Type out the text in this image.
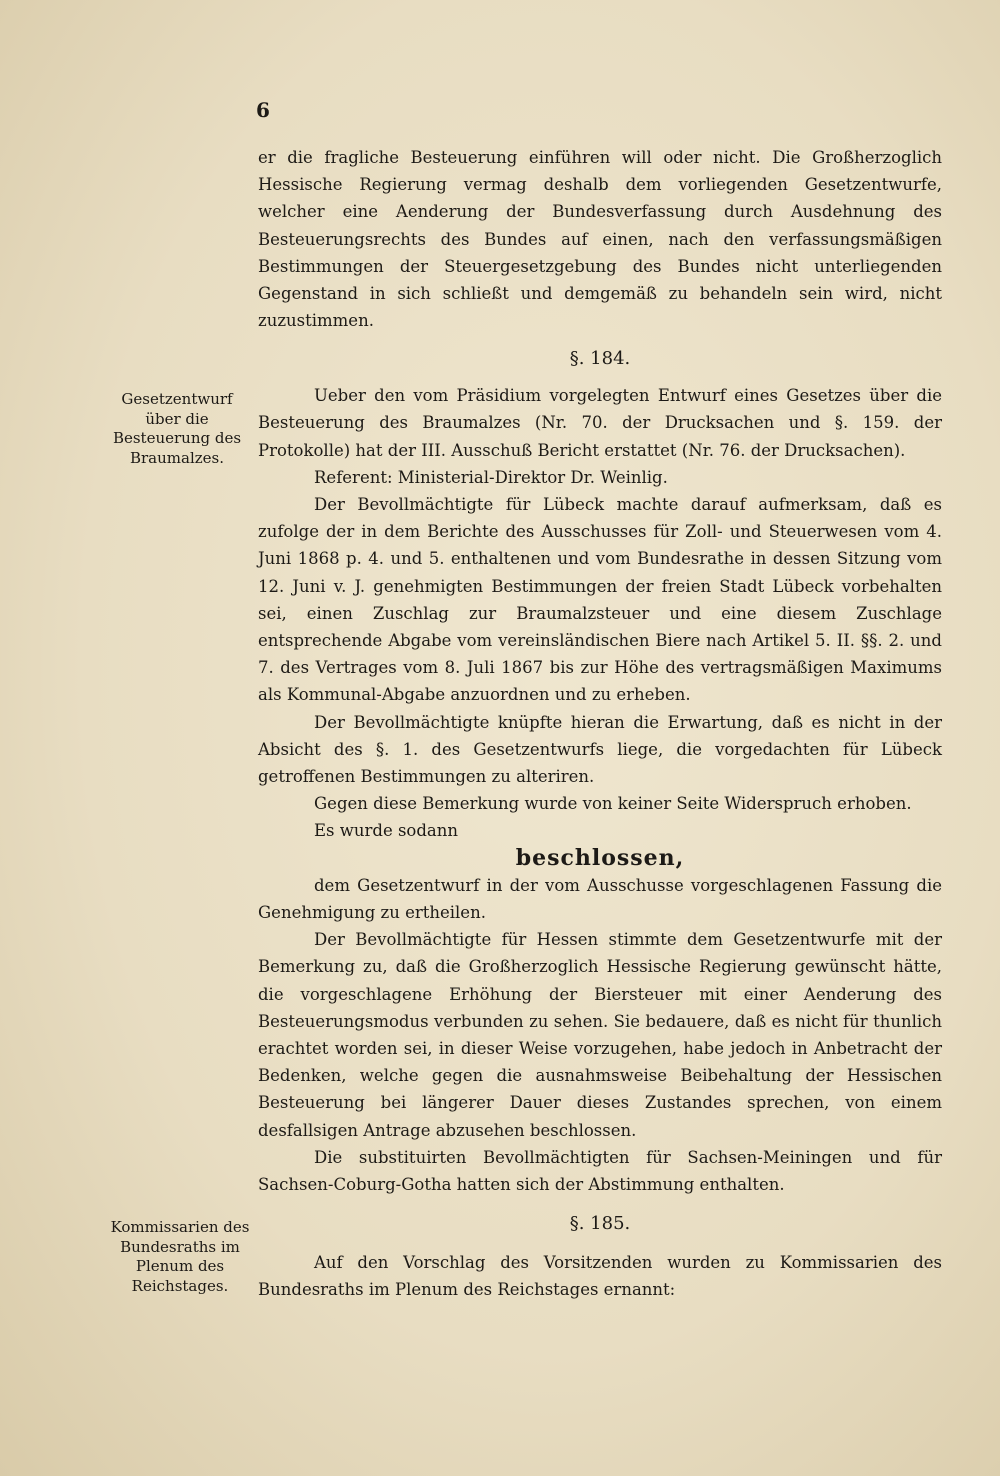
6

er die fragliche Besteuerung einführen will oder nicht. Die Großherzoglich Hessische Regierung vermag deshalb dem vorliegenden Gesetzentwurfe, welcher eine Aenderung der Bundesverfassung durch Ausdehnung des Besteuerungsrechts des Bundes auf einen, nach den verfassungsmäßigen Bestimmungen der Steuergesetzgebung des Bundes nicht unterliegenden Gegenstand in sich schließt und demgemäß zu behandeln sein wird, nicht zuzustimmen.

Gesetzentwurf über die Besteuerung des Braumalzes.

§. 184.

Ueber den vom Präsidium vorgelegten Entwurf eines Gesetzes über die Besteuerung des Braumalzes (Nr. 70. der Drucksachen und §. 159. der Protokolle) hat der III. Ausschuß Bericht erstattet (Nr. 76. der Drucksachen).

Referent: Ministerial-Direktor Dr. Weinlig.

Der Bevollmächtigte für Lübeck machte darauf aufmerksam, daß es zufolge der in dem Berichte des Ausschusses für Zoll- und Steuerwesen vom 4. Juni 1868 p. 4. und 5. enthaltenen und vom Bundesrathe in dessen Sitzung vom 12. Juni v. J. genehmigten Bestimmungen der freien Stadt Lübeck vorbehalten sei, einen Zuschlag zur Braumalzsteuer und eine diesem Zuschlage entsprechende Abgabe vom vereinsländischen Biere nach Artikel 5. II. §§. 2. und 7. des Vertrages vom 8. Juli 1867 bis zur Höhe des vertragsmäßigen Maximums als Kommunal-Abgabe anzuordnen und zu erheben.

Der Bevollmächtigte knüpfte hieran die Erwartung, daß es nicht in der Absicht des §. 1. des Gesetzentwurfs liege, die vorgedachten für Lübeck getroffenen Bestimmungen zu alteriren.

Gegen diese Bemerkung wurde von keiner Seite Widerspruch erhoben.

Es wurde sodann

beschlossen,

dem Gesetzentwurf in der vom Ausschusse vorgeschlagenen Fassung die Genehmigung zu ertheilen.

Der Bevollmächtigte für Hessen stimmte dem Gesetzentwurfe mit der Bemerkung zu, daß die Großherzoglich Hessische Regierung gewünscht hätte, die vorgeschlagene Erhöhung der Biersteuer mit einer Aenderung des Besteuerungsmodus verbunden zu sehen. Sie bedauere, daß es nicht für thunlich erachtet worden sei, in dieser Weise vorzugehen, habe jedoch in Anbetracht der Bedenken, welche gegen die ausnahmsweise Beibehaltung der Hessischen Besteuerung bei längerer Dauer dieses Zustandes sprechen, von einem desfallsigen Antrage abzusehen beschlossen.

Die substituirten Bevollmächtigten für Sachsen-Meiningen und für Sachsen-Coburg-Gotha hatten sich der Abstimmung enthalten.

Kommissarien des Bundesraths im Plenum des Reichstages.

§. 185.

Auf den Vorschlag des Vorsitzenden wurden zu Kommissarien des Bundesraths im Plenum des Reichstages ernannt:
